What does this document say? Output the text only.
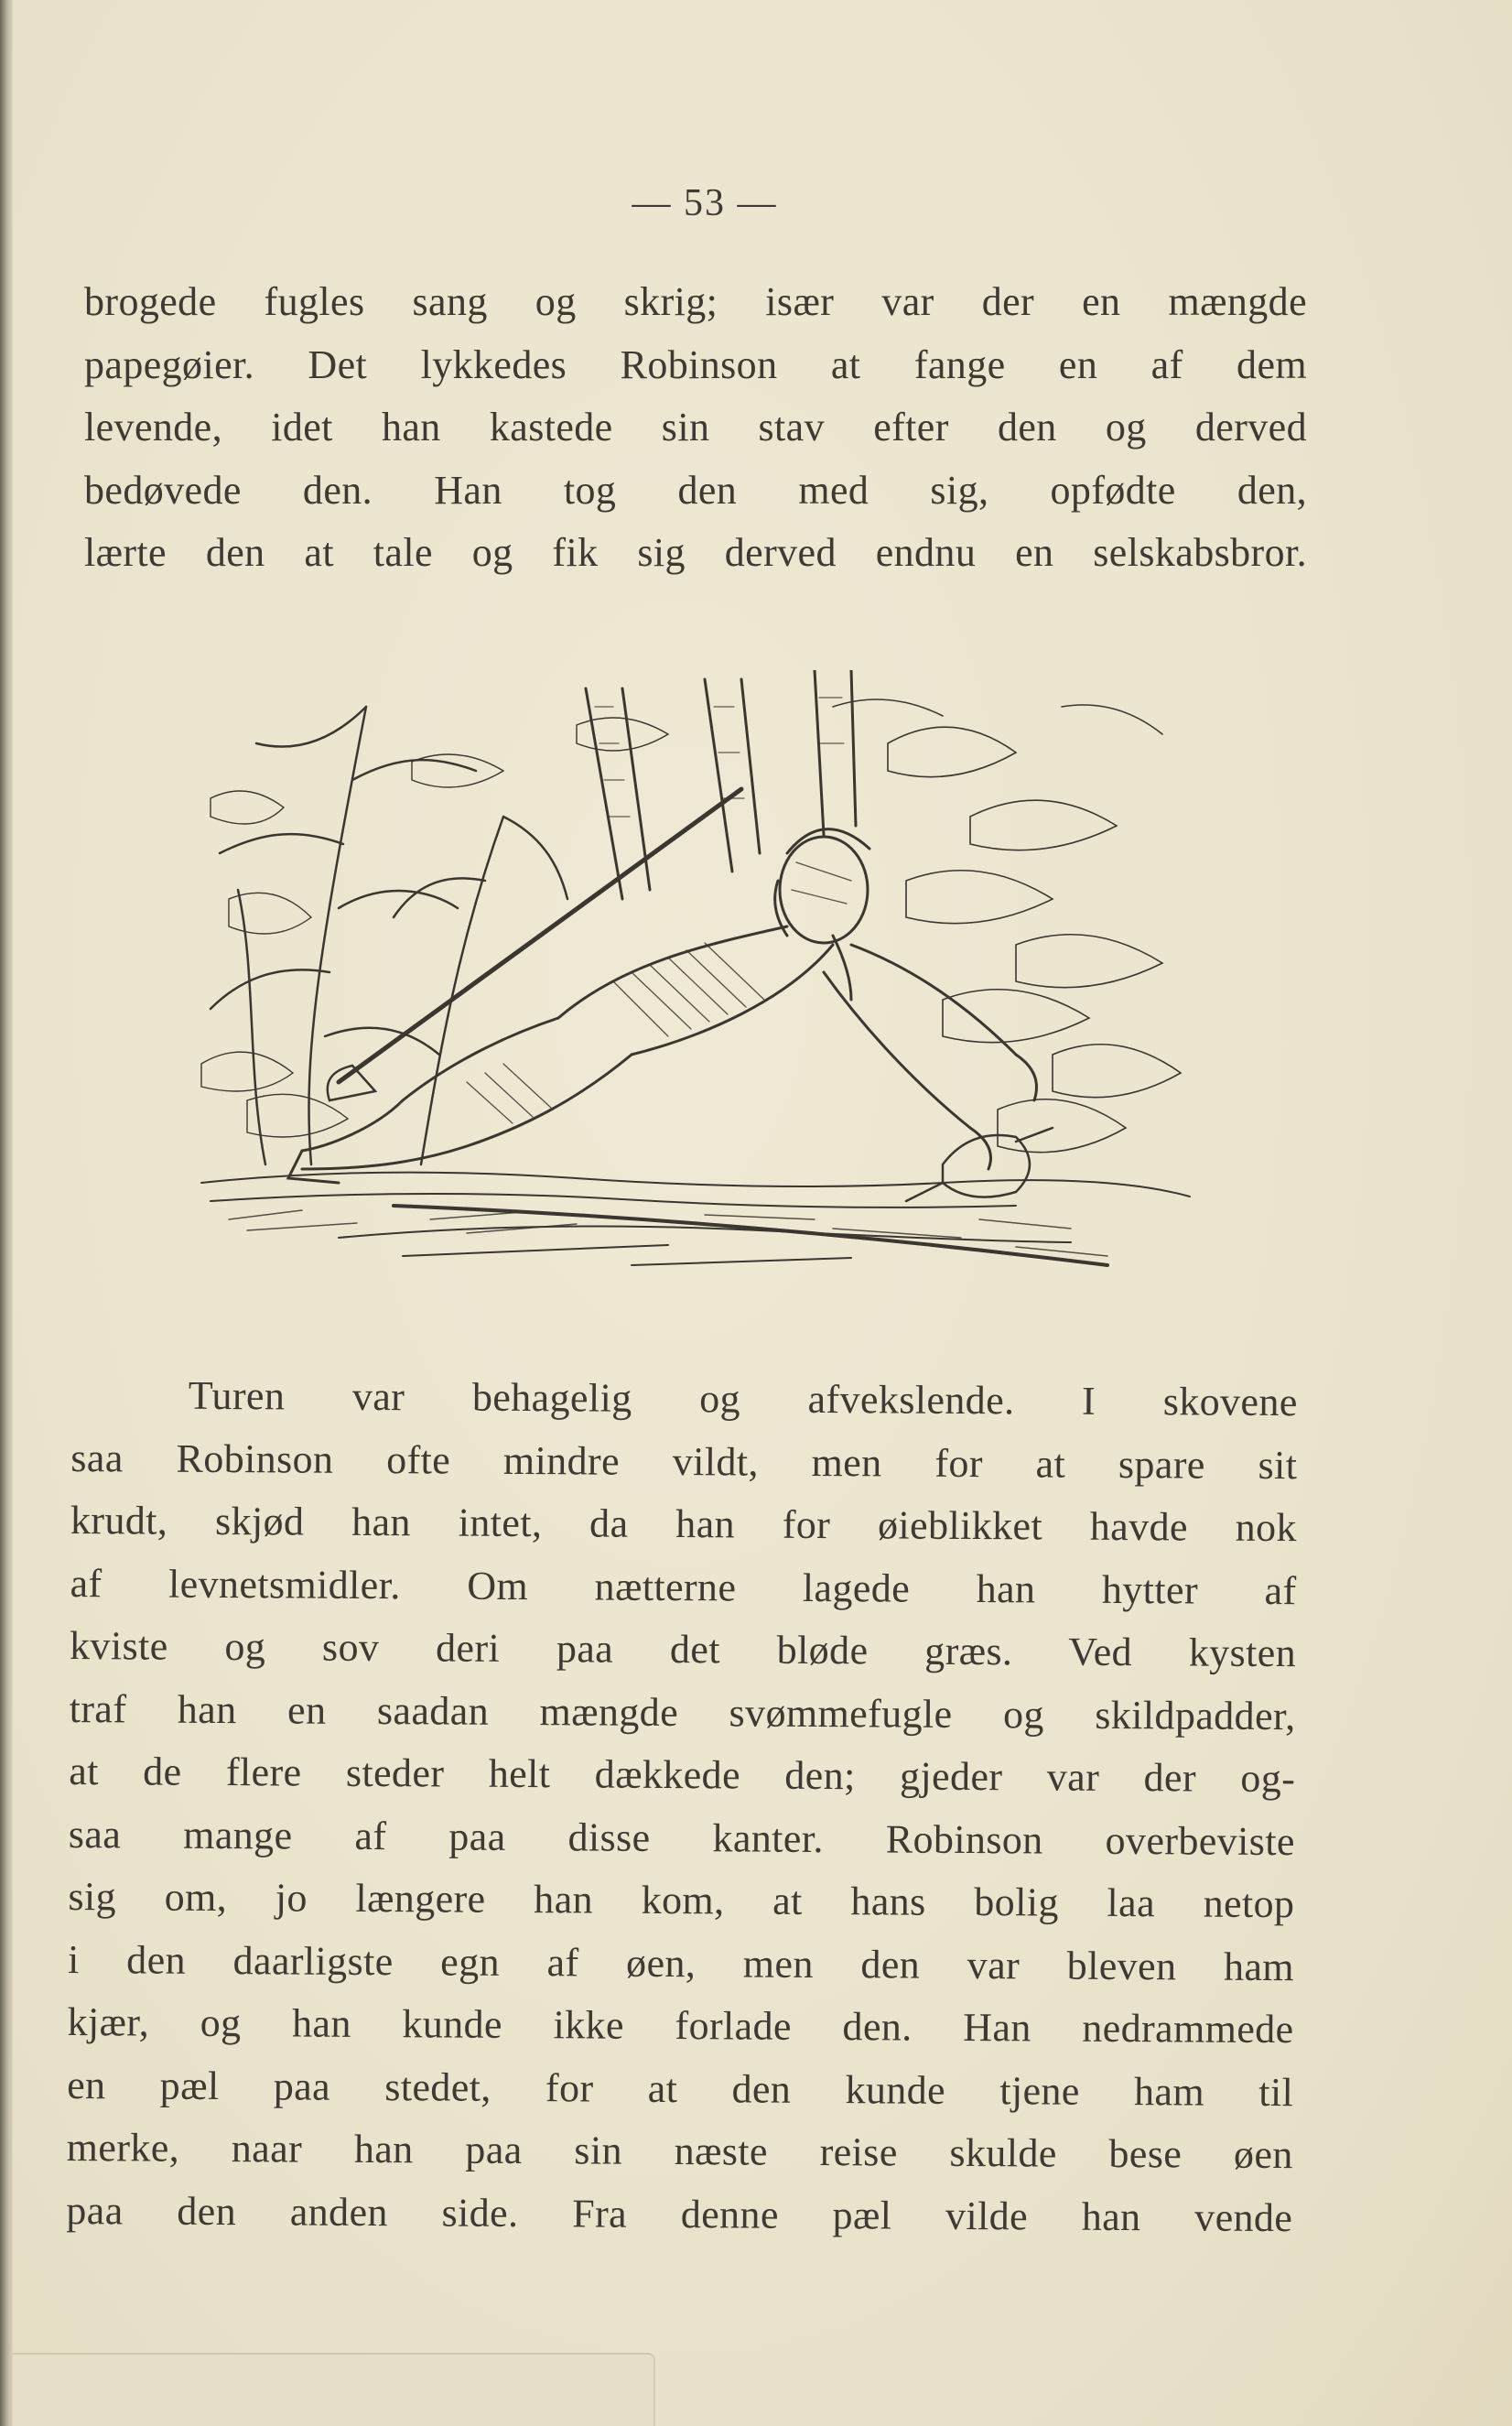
— 53 —
brogede fugles sang og skrig; især var der en mængde
papegøier. Det lykkedes Robinson at fange en af dem
levende, idet han kastede sin stav efter den og derved
bedøvede den. Han tog den med sig, opfødte den,
lærte den at tale og fik sig derved endnu en selskabsbror.
Turen var behagelig og afvekslende. I skovene
saa Robinson ofte mindre vildt, men for at spare sit
krudt, skjød han intet, da han for øieblikket havde nok
af levnetsmidler. Om nætterne lagede han hytter af
kviste og sov deri paa det bløde græs. Ved kysten
traf han en saadan mængde svømmefugle og skildpadder,
at de flere steder helt dækkede den; gjeder var der og-
saa mange af paa disse kanter. Robinson overbeviste
sig om, jo længere han kom, at hans bolig laa netop
i den daarligste egn af øen, men den var bleven ham
kjær, og han kunde ikke forlade den. Han nedrammede
en pæl paa stedet, for at den kunde tjene ham til
merke, naar han paa sin næste reise skulde bese øen
paa den anden side. Fra denne pæl vilde han vende
